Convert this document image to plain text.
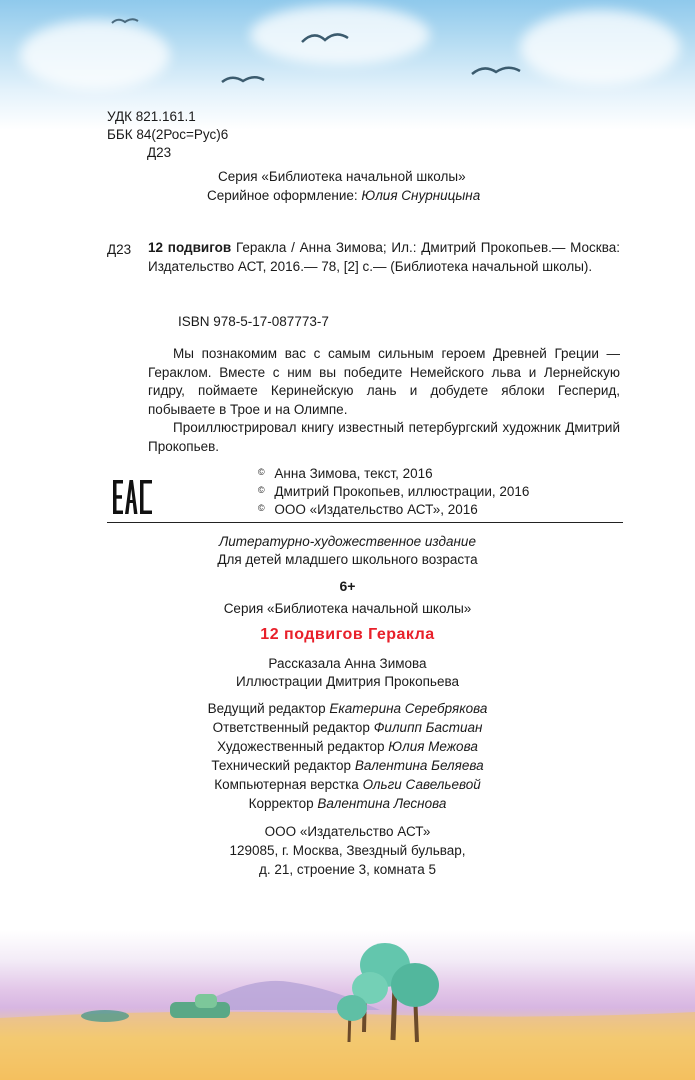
УДК 821.161.1
ББК 84(2Рос=Рус)6
Д23
Серия «Библиотека начальной школы»
Серийное оформление: Юлия Снурницына
Д23 12 подвигов Геракла / Анна Зимова; Ил.: Дмитрий Прокопьев.— Москва: Издательство АСТ, 2016.— 78, [2] с.— (Библиотека начальной школы).
ISBN 978-5-17-087773-7
Мы познакомим вас с самым сильным героем Древней Греции — Гераклом. Вместе с ним вы победите Немейского льва и Лернейскую гидру, поймаете Керинейскую лань и добудете яблоки Гесперид, побываете в Трое и на Олимпе.
Проиллюстрировал книгу известный петербургский художник Дмитрий Прокопьев.
© Анна Зимова, текст, 2016
© Дмитрий Прокопьев, иллюстрации, 2016
© ООО «Издательство АСТ», 2016
Литературно-художественное издание
Для детей младшего школьного возраста
6+
Серия «Библиотека начальной школы»
12 подвигов Геракла
Рассказала Анна Зимова
Иллюстрации Дмитрия Прокопьева
Ведущий редактор Екатерина Серебрякова
Ответственный редактор Филипп Бастиан
Художественный редактор Юлия Межова
Технический редактор Валентина Беляева
Компьютерная верстка Ольги Савельевой
Корректор Валентина Леснова
ООО «Издательство АСТ»
129085, г. Москва, Звездный бульвар,
д. 21, строение 3, комната 5
